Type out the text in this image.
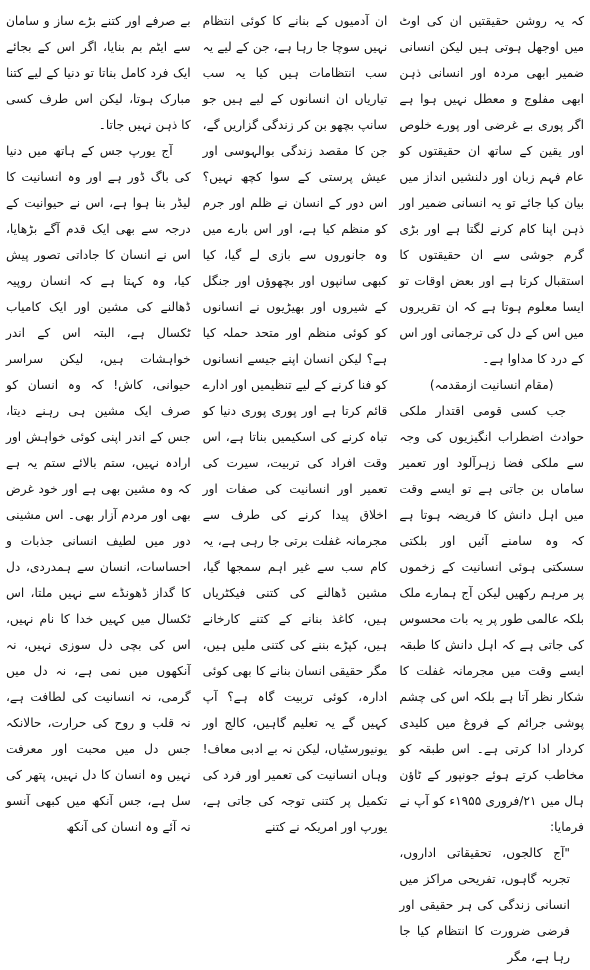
کہ یہ روشن حقیقتیں ان کی اوٹ میں اوجھل ہوتی ہیں لیکن انسانی ضمیر ابھی مردہ اور انسانی ذہن ابھی مفلوج و معطل نہیں ہوا ہے اگر پوری بے غرضی اور پورے خلوص اور یقین کے ساتھ ان حقیقتوں کو عام فہم زبان اور دلنشیں انداز میں بیان کیا جائے تو یہ انسانی ضمیر اور ذہن اپنا کام کرنے لگتا ہے اور بڑی گرم جوشی سے ان حقیقتوں کا استقبال کرتا ہے اور بعض اوقات تو ایسا معلوم ہوتا ہے کہ ان تقریروں میں اس کے دل کی ترجمانی اور اس کے درد کا مداوا ہے۔

(مقام انسانیت ازمقدمہ)

جب کسی قومی اقتدار ملکی حوادث اضطراب انگیزیوں کی وجہ سے ملکی فضا زہرآلود اور تعمیر ساماں بن جاتی ہے تو ایسے وقت میں اہل دانش کا فریضہ ہوتا ہے کہ وہ سامنے آئیں اور بلکتی سسکتی ہوئی انسانیت کے زخموں پر مرہم رکھیں لیکن آج ہمارے ملک بلکہ عالمی طور پر یہ بات محسوس کی جاتی ہے کہ اہل دانش کا طبقہ ایسے وقت میں مجرمانہ غفلت کا شکار نظر آتا ہے بلکہ اس کی چشم پوشی جرائم کے فروغ میں کلیدی کردار ادا کرتی ہے۔ اس طبقہ کو مخاطب کرتے ہوئے جونپور کے ٹاؤن ہال میں ۲۱/فروری ۱۹۵۵ء کو آپ نے فرمایا:

"آج کالجوں، تحقیقاتی اداروں، تجربہ گاہوں، تفریحی مراکز میں انسانی زندگی کی ہر حقیقی اور فرضی ضرورت کا انتظام کیا جا رہا ہے، مگر

ان آدمیوں کے بنانے کا کوئی انتظام نہیں سوچا جا رہا ہے، جن کے لیے یہ سب انتظامات ہیں کیا یہ سب تیاریاں ان انسانوں کے لیے ہیں جو سانپ بچھو بن کر زندگی گزاریں گے، جن کا مقصد زندگی بوالہوسی اور عیش پرستی کے سوا کچھ نہیں؟ اس دور کے انسان نے ظلم اور جرم کو منظم کیا ہے، اور اس بارے میں وہ جانوروں سے بازی لے گیا، کیا کبھی سانپوں اور بچھوؤں اور جنگل کے شیروں اور بھیڑیوں نے انسانوں کو کوئی منظم اور متحد حملہ کیا ہے؟ لیکن انسان اپنے جیسے انسانوں کو فنا کرنے کے لیے تنظیمیں اور ادارے قائم کرتا ہے اور پوری پوری دنیا کو تباہ کرنے کی اسکیمیں بناتا ہے، اس وقت افراد کی تربیت، سیرت کی تعمیر اور انسانیت کی صفات اور اخلاق پیدا کرنے کی طرف سے مجرمانہ غفلت برتی جا رہی ہے، یہ کام سب سے غیر اہم سمجھا گیا، مشین ڈھالنے کی کتنی فیکٹریاں ہیں، کاغذ بنانے کے کتنے کارخانے ہیں، کپڑے بننے کی کتنی ملیں ہیں، مگر حقیقی انسان بنانے کا بھی کوئی ادارہ، کوئی تربیت گاہ ہے؟ آپ کہیں گے یہ تعلیم گاہیں، کالج اور یونیورسٹیاں، لیکن نہ بے ادبی معاف! وہاں انسانیت کی تعمیر اور فرد کی تکمیل پر کتنی توجہ کی جاتی ہے، یورپ اور امریکہ نے کتنے

بے صرفے اور کتنے بڑے ساز و سامان سے ایٹم بم بنایا، اگر اس کے بجائے ایک فرد کامل بناتا تو دنیا کے لیے کتنا مبارک ہوتا، لیکن اس طرف کسی کا ذہن نہیں جاتا۔

آج یورپ جس کے ہاتھ میں دنیا کی باگ ڈور ہے اور وہ انسانیت کا لیڈر بنا ہوا ہے، اس نے حیوانیت کے درجہ سے بھی ایک قدم آگے بڑھایا، اس نے انسان کا جاداتی تصور پیش کیا، وہ کہتا ہے کہ انسان روپیہ ڈھالنے کی مشین اور ایک کامیاب ٹکسال ہے، البتہ اس کے اندر خواہشات ہیں، لیکن سراسر حیوانی، کاش! کہ وہ انسان کو صرف ایک مشین ہی رہنے دیتا، جس کے اندر اپنی کوئی خواہش اور ارادہ نہیں، ستم بالائے ستم یہ ہے کہ وہ مشین بھی ہے اور خود غرض بھی اور مردم آزار بھی۔ اس مشینی دور میں لطیف انسانی جذبات و احساسات، انسان سے ہمدردی، دل کا گداز ڈھونڈے سے نہیں ملتا، اس ٹکسال میں کہیں خدا کا نام نہیں، اس کی بچی دل سوزی نہیں، نہ آنکھوں میں نمی ہے، نہ دل میں گرمی، نہ انسانیت کی لطافت ہے، نہ قلب و روح کی حرارت، حالانکہ جس دل میں محبت اور معرفت نہیں وہ انسان کا دل نہیں، پتھر کی سل ہے، جس آنکھ میں کبھی آنسو نہ آئے وہ انسان کی آنکھ
